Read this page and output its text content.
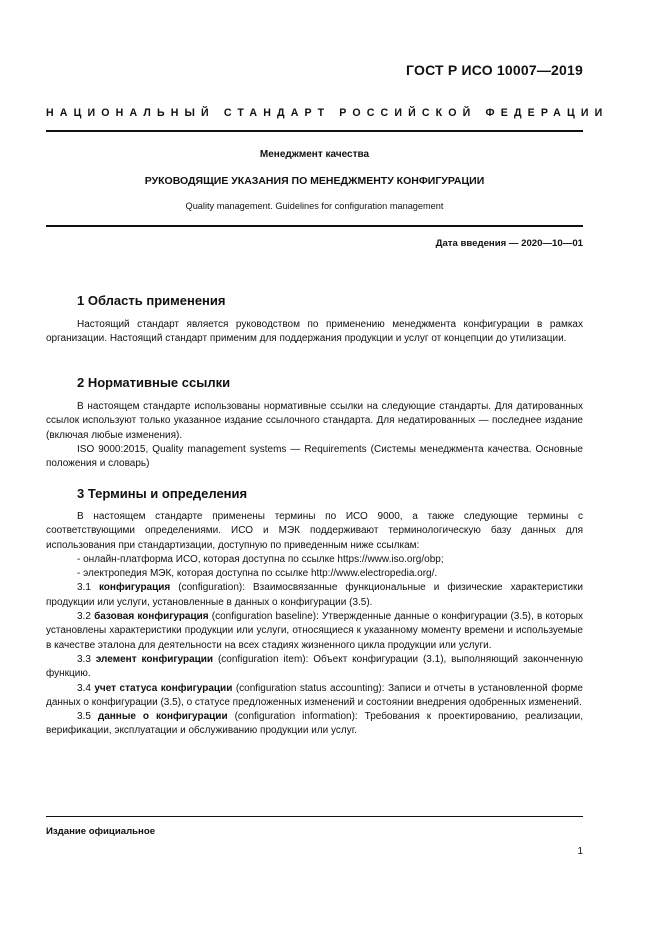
ГОСТ Р ИСО 10007—2019
НАЦИОНАЛЬНЫЙ СТАНДАРТ РОССИЙСКОЙ ФЕДЕРАЦИИ
Менеджмент качества
РУКОВОДЯЩИЕ УКАЗАНИЯ ПО МЕНЕДЖМЕНТУ КОНФИГУРАЦИИ
Quality management. Guidelines for configuration management
Дата введения — 2020—10—01
1 Область применения

Настоящий стандарт является руководством по применению менеджмента конфигурации в рамках организации. Настоящий стандарт применим для поддержания продукции и услуг от концепции до утилизации.

2 Нормативные ссылки

В настоящем стандарте использованы нормативные ссылки на следующие стандарты. Для датированных ссылок используют только указанное издание ссылочного стандарта. Для недатированных — последнее издание (включая любые изменения).

ISO 9000:2015, Quality management systems — Requirements (Системы менеджмента качества. Основные положения и словарь)

3 Термины и определения

В настоящем стандарте применены термины по ИСО 9000, а также следующие термины с соответствующими определениями. ИСО и МЭК поддерживают терминологическую базу данных для использования при стандартизации, доступную по приведенным ниже ссылкам:

- онлайн-платформа ИСО, которая доступна по ссылке https://www.iso.org/obp;

- электропедия МЭК, которая доступна по ссылке http://www.electropedia.org/.

3.1 конфигурация (configuration): Взаимосвязанные функциональные и физические характеристики продукции или услуги, установленные в данных о конфигурации (3.5).

3.2 базовая конфигурация (configuration baseline): Утвержденные данные о конфигурации (3.5), в которых установлены характеристики продукции или услуги, относящиеся к указанному моменту времени и используемые в качестве эталона для деятельности на всех стадиях жизненного цикла продукции или услуги.

3.3 элемент конфигурации (configuration item): Объект конфигурации (3.1), выполняющий законченную функцию.

3.4 учет статуса конфигурации (configuration status accounting): Записи и отчеты в установленной форме данных о конфигурации (3.5), о статусе предложенных изменений и состоянии внедрения одобренных изменений.

3.5 данные о конфигурации (configuration information): Требования к проектированию, реализации, верификации, эксплуатации и обслуживанию продукции или услуг.

Издание официальное
1
